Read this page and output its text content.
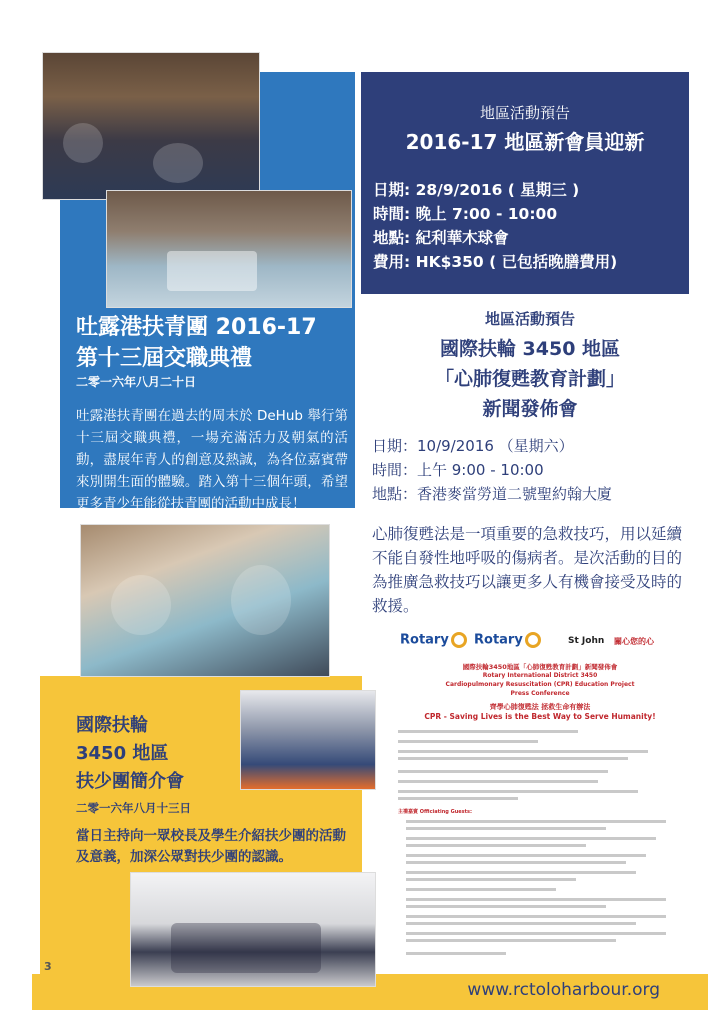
地區活動預告
2016-17 地區新會員迎新
日期: 28/9/2016 ( 星期三 )
時間: 晚上 7:00 - 10:00
地點: 紀利華木球會
費用: HK$350 ( 已包括晚膳費用)
吐露港扶青團 2016-17
第十三屆交職典禮
二零一六年八月二十日
吐露港扶青團在過去的周末於 DeHub 舉行第十三屆交職典禮，一場充滿活力及朝氣的活動，盡展年青人的創意及熱誠，為各位嘉賓帶來別開生面的體驗。踏入第十三個年頭，希望更多青少年能從扶青團的活動中成長！
國際扶輪
3450 地區
扶少團簡介會
二零一六年八月十三日
當日主持向一眾校長及學生介紹扶少團的活動及意義，加深公眾對扶少團的認識。
地區活動預告
國際扶輪 3450 地區
「心肺復甦教育計劃」
新聞發佈會
日期：10/9/2016 （星期六）
時間：上午 9:00 - 10:00
地點：香港麥當勞道二號聖約翰大廈
心肺復甦法是一項重要的急救技巧，用以延續不能自發性地呼吸的傷病者。是次活動的目的為推廣急救技巧以讓更多人有機會接受及時的救援。
Rotary	Rotary	St John 關心您的心
國際扶輪3450地區「心肺復甦教育計劃」新聞發佈會
Rotary International District 3450
Cardiopulmonary Resuscitation (CPR) Education Project
Press Conference
齊學心肺復甦法 拯救生命有辦法
CPR - Saving Lives is the Best Way to Serve Humanity!
主禮嘉賓 Officiating Guests:
3
www.rctoloharbour.org
